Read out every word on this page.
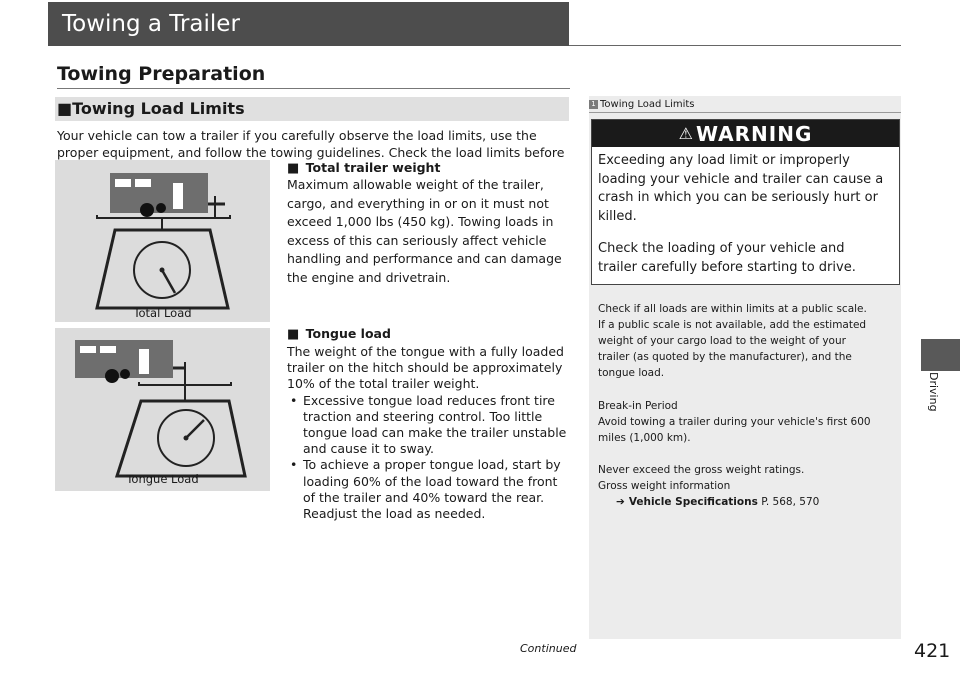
Towing a Trailer
Towing Preparation
■Towing Load Limits
Your vehicle can tow a trailer if you carefully observe the load limits, use the proper equipment, and follow the towing guidelines. Check the load limits before
Total Load
Tongue Load
■ Total trailer weight
Maximum allowable weight of the trailer,
cargo, and everything in or on it must not
exceed 1,000 lbs (450 kg). Towing loads in
excess of this can seriously affect vehicle
handling and performance and can damage
the engine and drivetrain.
■ Tongue load
The weight of the tongue with a fully loaded
trailer on the hitch should be approximately
10% of the total trailer weight.
• Excessive tongue load reduces front tire
traction and steering control. Too little
tongue load can make the trailer unstable
and cause it to sway.
• To achieve a proper tongue load, start by
loading 60% of the load toward the front
of the trailer and 40% toward the rear.
Readjust the load as needed.
1 Towing Load Limits
⚠ WARNING
Exceeding any load limit or improperly
loading your vehicle and trailer can cause a
crash in which you can be seriously hurt or
killed.
Check the loading of your vehicle and
trailer carefully before starting to drive.
Check if all loads are within limits at a public scale.
If a public scale is not available, add the estimated
weight of your cargo load to the weight of your
trailer (as quoted by the manufacturer), and the
tongue load.
Break-in Period
Avoid towing a trailer during your vehicle's first 600
miles (1,000 km).
Never exceed the gross weight ratings.
Gross weight information
➔ Vehicle Specifications P. 568, 570
Driving
Continued	421
